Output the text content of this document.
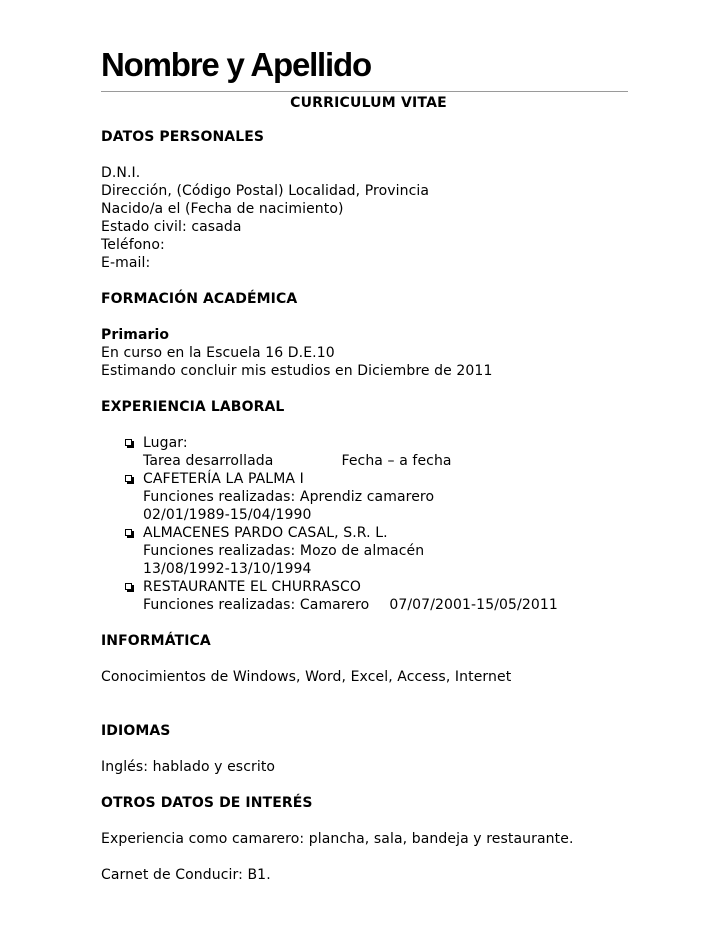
Nombre y Apellido
CURRICULUM VITAE
DATOS PERSONALES
D.N.I.
Dirección, (Código Postal) Localidad, Provincia
Nacido/a el (Fecha de nacimiento)
Estado civil: casada
Teléfono:
E-mail:
FORMACIÓN ACADÉMICA
Primario
En curso en la Escuela 16 D.E.10
Estimando concluir mis estudios en Diciembre de 2011
EXPERIENCIA LABORAL
Lugar:
Tarea desarrollada	Fecha – a fecha
CAFETERÍA LA PALMA I
Funciones realizadas: Aprendiz camarero
02/01/1989-15/04/1990
ALMACENES PARDO CASAL, S.R. L.
Funciones realizadas: Mozo de almacén
13/08/1992-13/10/1994
RESTAURANTE EL CHURRASCO
Funciones realizadas: Camarero 07/07/2001-15/05/2011
INFORMÁTICA
Conocimientos de Windows, Word, Excel, Access, Internet
IDIOMAS
Inglés: hablado y escrito
OTROS DATOS DE INTERÉS
Experiencia como camarero: plancha, sala, bandeja y restaurante.
Carnet de Conducir: B1.
